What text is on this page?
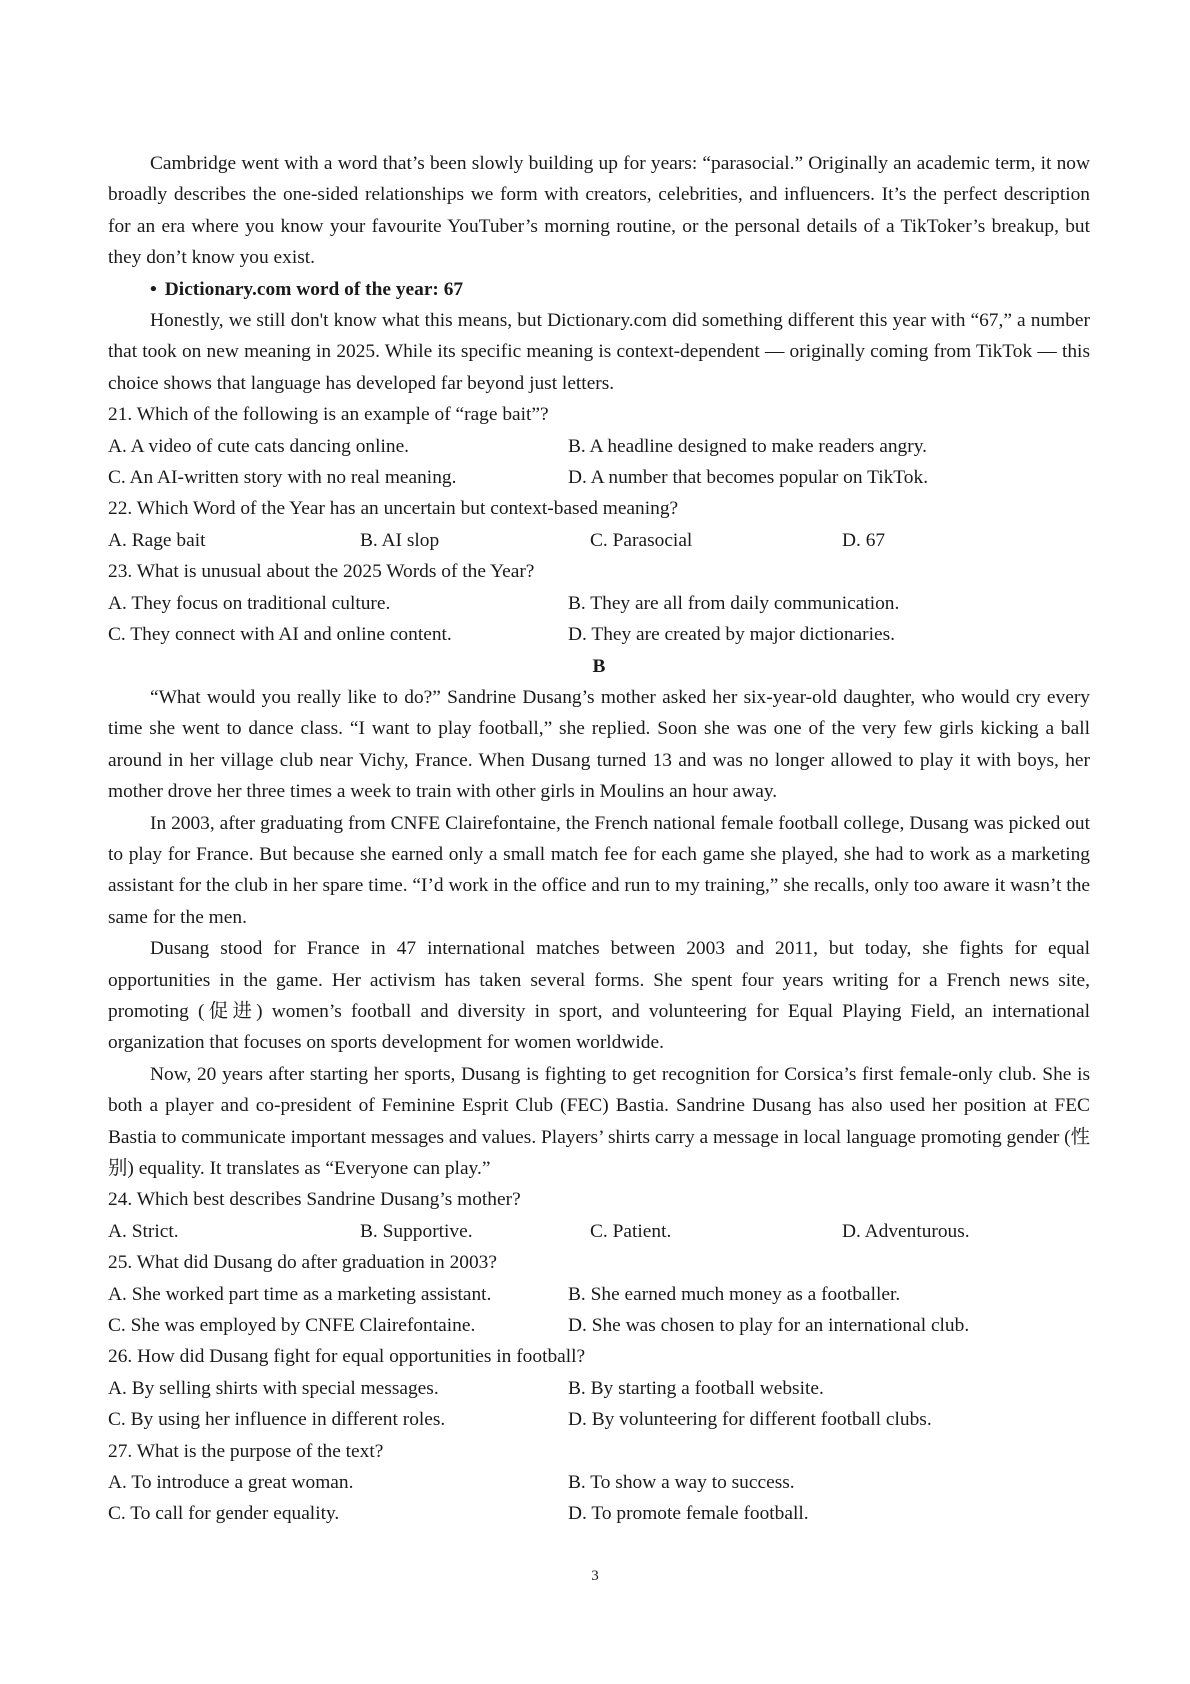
Cambridge went with a word that’s been slowly building up for years: “parasocial.” Originally an academic term, it now broadly describes the one-sided relationships we form with creators, celebrities, and influencers. It’s the perfect description for an era where you know your favourite YouTuber’s morning routine, or the personal details of a TikToker’s breakup, but they don’t know you exist.

• Dictionary.com word of the year: 67

Honestly, we still don't know what this means, but Dictionary.com did something different this year with “67,” a number that took on new meaning in 2025. While its specific meaning is context-dependent — originally coming from TikTok — this choice shows that language has developed far beyond just letters.

21. Which of the following is an example of “rage bait”?

A. A video of cute cats dancing online.	B. A headline designed to make readers angry.
C. An AI-written story with no real meaning.	D. A number that becomes popular on TikTok.

22. Which Word of the Year has an uncertain but context-based meaning?

A. Rage bait	B. AI slop	C. Parasocial	D. 67

23. What is unusual about the 2025 Words of the Year?

A. They focus on traditional culture.	B. They are all from daily communication.
C. They connect with AI and online content.	D. They are created by major dictionaries.

B

“What would you really like to do?” Sandrine Dusang’s mother asked her six-year-old daughter, who would cry every time she went to dance class. “I want to play football,” she replied. Soon she was one of the very few girls kicking a ball around in her village club near Vichy, France. When Dusang turned 13 and was no longer allowed to play it with boys, her mother drove her three times a week to train with other girls in Moulins an hour away.

In 2003, after graduating from CNFE Clairefontaine, the French national female football college, Dusang was picked out to play for France. But because she earned only a small match fee for each game she played, she had to work as a marketing assistant for the club in her spare time. “I’d work in the office and run to my training,” she recalls, only too aware it wasn’t the same for the men.

Dusang stood for France in 47 international matches between 2003 and 2011, but today, she fights for equal opportunities in the game. Her activism has taken several forms. She spent four years writing for a French news site, promoting (促进) women’s football and diversity in sport, and volunteering for Equal Playing Field, an international organization that focuses on sports development for women worldwide.

Now, 20 years after starting her sports, Dusang is fighting to get recognition for Corsica’s first female-only club. She is both a player and co-president of Feminine Esprit Club (FEC) Bastia. Sandrine Dusang has also used her position at FEC Bastia to communicate important messages and values. Players’ shirts carry a message in local language promoting gender (性别) equality. It translates as “Everyone can play.”

24. Which best describes Sandrine Dusang’s mother?

A. Strict.	B. Supportive.	C. Patient.	D. Adventurous.

25. What did Dusang do after graduation in 2003?

A. She worked part time as a marketing assistant.	B. She earned much money as a footballer.
C. She was employed by CNFE Clairefontaine.	D. She was chosen to play for an international club.

26. How did Dusang fight for equal opportunities in football?

A. By selling shirts with special messages.	B. By starting a football website.
C. By using her influence in different roles.	D. By volunteering for different football clubs.

27. What is the purpose of the text?

A. To introduce a great woman.	B. To show a way to success.
C. To call for gender equality.	D. To promote female football.
3
